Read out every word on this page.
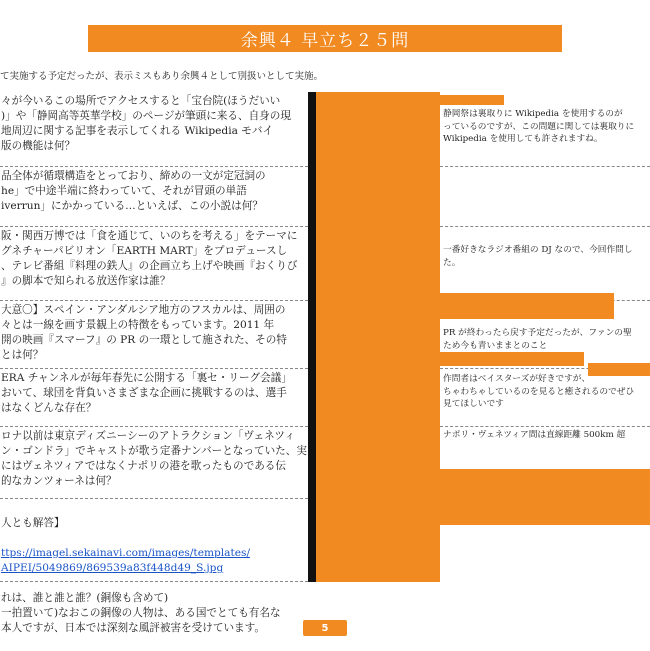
余興４ 早立ち２５問
て実施する予定だったが、表示ミスもあり余興４として別扱いとして実施。
々が今いるこの場所でアクセスすると「宝台院(ほうだいい
)」や「静岡高等英華学校」のページが筆頭に来る、自身の現
地周辺に関する記事を表示してくれる Wikipedia モバイ
版の機能は何？
品全体が循環構造をとっており、締めの一文が定冠詞の
he」で中途半端に終わっていて、それが冒頭の単語
iverrun」にかかっている…といえば、この小説は何？
阪・関西万博では「食を通じて、いのちを考える」をテーマに
グネチャーパビリオン「EARTH MART」をプロデュースし
、テレビ番組『料理の鉄人』の企画立ち上げや映画『おくりび
』の脚本で知られる放送作家は誰？
大意〇】スペイン・アンダルシア地方のフスカルは、周囲の
々とは一線を画す景観上の特徴をもっています。2011 年
開の映画『スマーフ』の PR の一環として施された、その特
とは何？
ERA チャンネルが毎年春先に公開する「裏セ・リーグ会議」
おいて、球団を背負いさまざまな企画に挑戦するのは、選手
はなくどんな存在？
ロナ以前は東京ディズニーシーのアトラクション「ヴェネツィ
ン・ゴンドラ」でキャストが歌う定番ナンバーとなっていた、実
にはヴェネツィアではなくナポリの港を歌ったものである伝
的なカンツォーネは何？

人とも解答】

ttps://imagel.sekainavi.com/images/templates/
AIPEI/5049869/869539a83f448d49_S.jpg

れは、誰と誰と誰？(銅像も含めて)
一拍置いて)なおこの銅像の人物は、ある国でとても有名な
本人ですが、日本では深刻な風評被害を受けています。

静岡祭は裏取りに Wikipedia を使用するのが
っているのですが、この問題に関しては裏取りに
Wikipedia を使用しても許されますね。
一番好きなラジオ番組の DJ なので、今回作問し
た。
PR が終わったら戻す予定だったが、ファンの聖
ため今も青いままとのこと
作問者はベイスターズが好きですが、
ちゃわちゃしているのを見ると癒されるのでぜひ
見てほしいです
ナポリ・ヴェネツィア間は直線距離 500km 超
5
